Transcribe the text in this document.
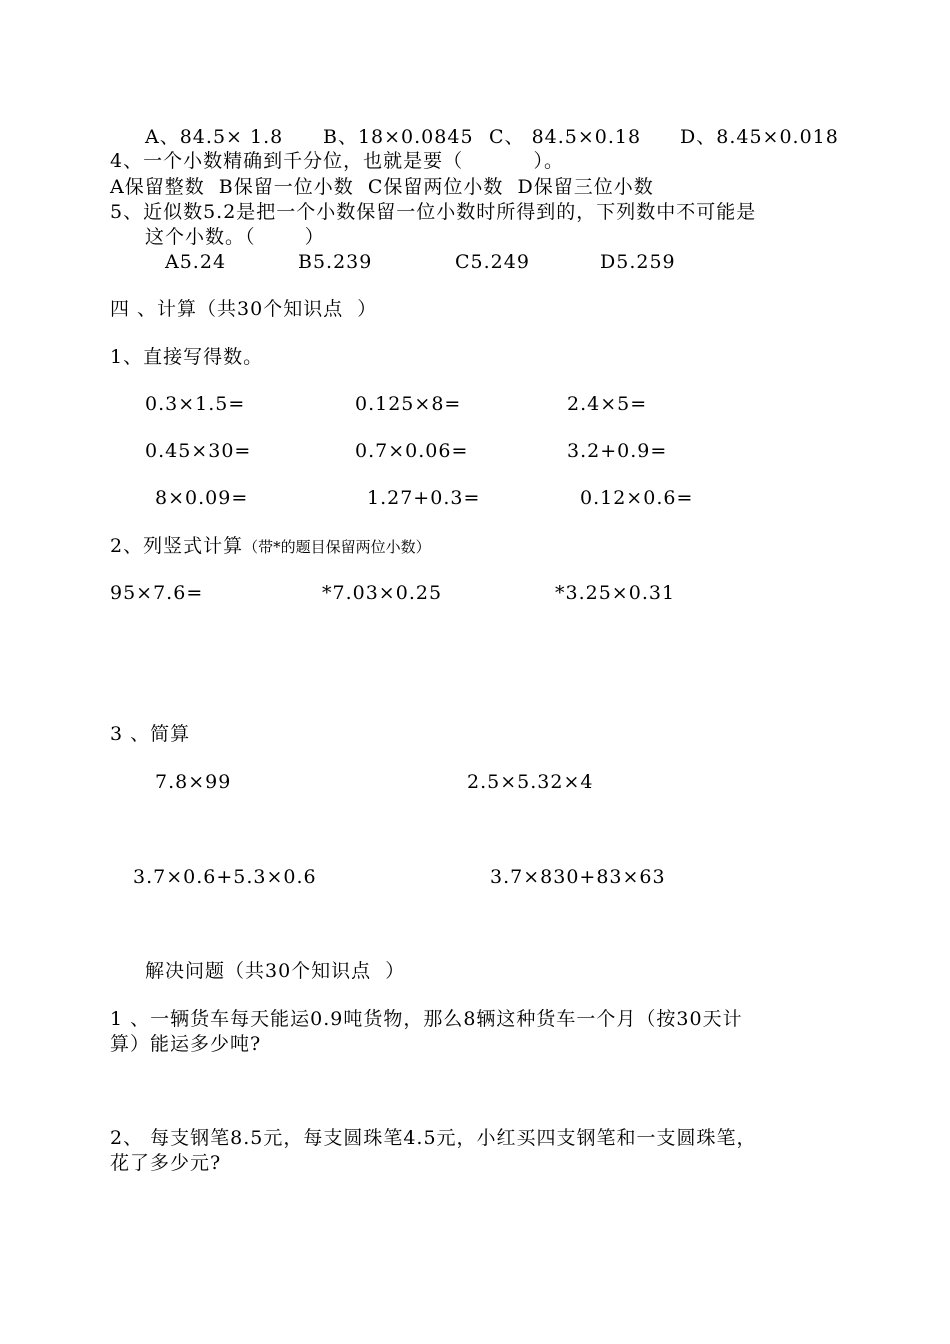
A、84.5× 1.8 B、18×0.0845 C、 84.5×0.18 D、8.45×0.018
4、一个小数精确到千分位，也就是要（          ）。
A保留整数  B保留一位小数  C保留两位小数  D保留三位小数
5、近似数5.2是把一个小数保留一位小数时所得到的，下列数中不可能是
这个小数。（       ）
A5.24	B5.239	C5.249	D5.259
四 、计算（共30个知识点  ）
1、直接写得数。
0.3×1.5=	0.125×8=	2.4×5=
0.45×30=	0.7×0.06=	3.2+0.9=
8×0.09=	1.27+0.3=	0.12×0.6=
2、列竖式计算（带*的题目保留两位小数）
95×7.6=	*7.03×0.25	*3.25×0.31
3 、简算
7.8×99	2.5×5.32×4
3.7×0.6+5.3×0.6	3.7×830+83×63
解决问题（共30个知识点  ）
1 、一辆货车每天能运0.9吨货物，那么8辆这种货车一个月（按30天计
算）能运多少吨?
2、 每支钢笔8.5元，每支圆珠笔4.5元，小红买四支钢笔和一支圆珠笔，
花了多少元?
